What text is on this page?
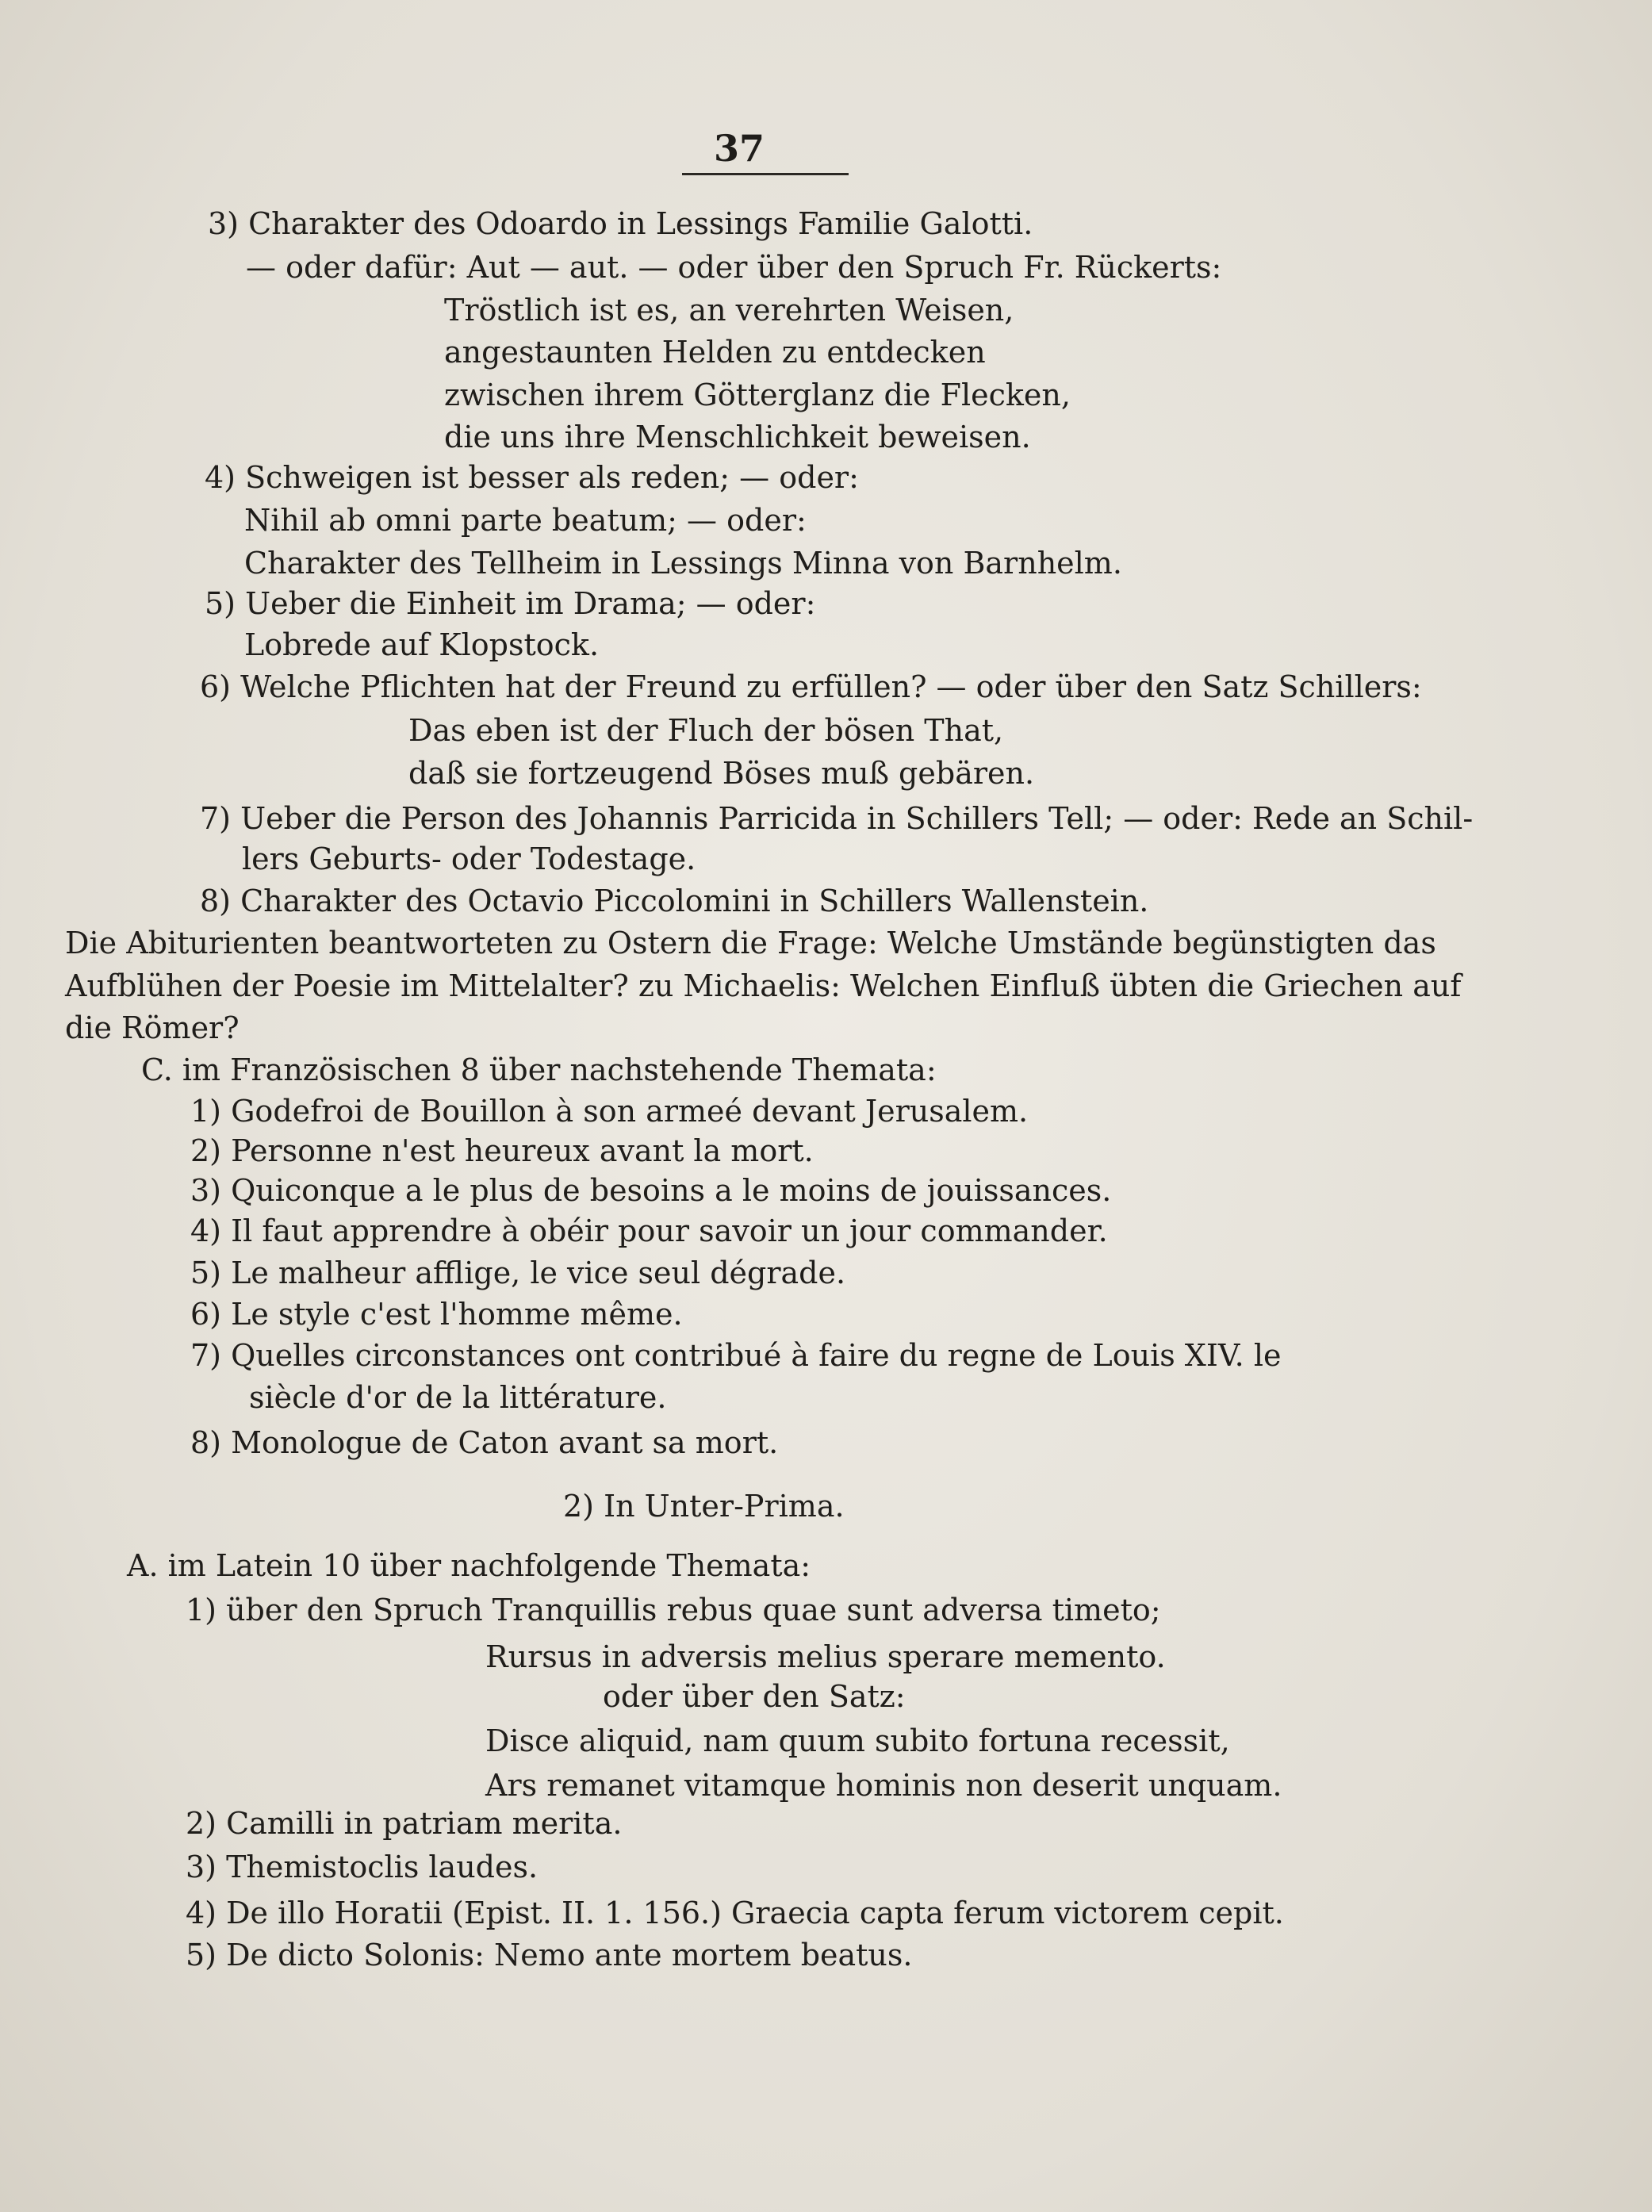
37
3) Charakter des Odoardo in Lessings Familie Galotti.
— oder dafür: Aut — aut. — oder über den Spruch Fr. Rückerts:
Tröstlich ist es, an verehrten Weisen,
angestaunten Helden zu entdecken
zwischen ihrem Götterglanz die Flecken,
die uns ihre Menschlichkeit beweisen.
4) Schweigen ist besser als reden; — oder:
Nihil ab omni parte beatum; — oder:
Charakter des Tellheim in Lessings Minna von Barnhelm.
5) Ueber die Einheit im Drama; — oder:
Lobrede auf Klopstock.
6) Welche Pflichten hat der Freund zu erfüllen? — oder über den Satz Schillers:
Das eben ist der Fluch der bösen That,
daß sie fortzeugend Böses muß gebären.
7) Ueber die Person des Johannis Parricida in Schillers Tell; — oder: Rede an Schil-
lers Geburts- oder Todestage.
8) Charakter des Octavio Piccolomini in Schillers Wallenstein.
Die Abiturienten beantworteten zu Ostern die Frage: Welche Umstände begünstigten das
Aufblühen der Poesie im Mittelalter? zu Michaelis: Welchen Einfluß übten die Griechen auf
die Römer?
C. im Französischen 8 über nachstehende Themata:
1) Godefroi de Bouillon à son armeé devant Jerusalem.
2) Personne n'est heureux avant la mort.
3) Quiconque a le plus de besoins a le moins de jouissances.
4) Il faut apprendre à obéir pour savoir un jour commander.
5) Le malheur afflige, le vice seul dégrade.
6) Le style c'est l'homme même.
7) Quelles circonstances ont contribué à faire du regne de Louis XIV. le
siècle d'or de la littérature.
8) Monologue de Caton avant sa mort.
2) In Unter-Prima.
A. im Latein 10 über nachfolgende Themata:
1) über den Spruch Tranquillis rebus quae sunt adversa timeto;
Rursus in adversis melius sperare memento.
oder über den Satz:
Disce aliquid, nam quum subito fortuna recessit,
Ars remanet vitamque hominis non deserit unquam.
2) Camilli in patriam merita.
3) Themistoclis laudes.
4) De illo Horatii (Epist. II. 1. 156.) Graecia capta ferum victorem cepit.
5) De dicto Solonis: Nemo ante mortem beatus.
